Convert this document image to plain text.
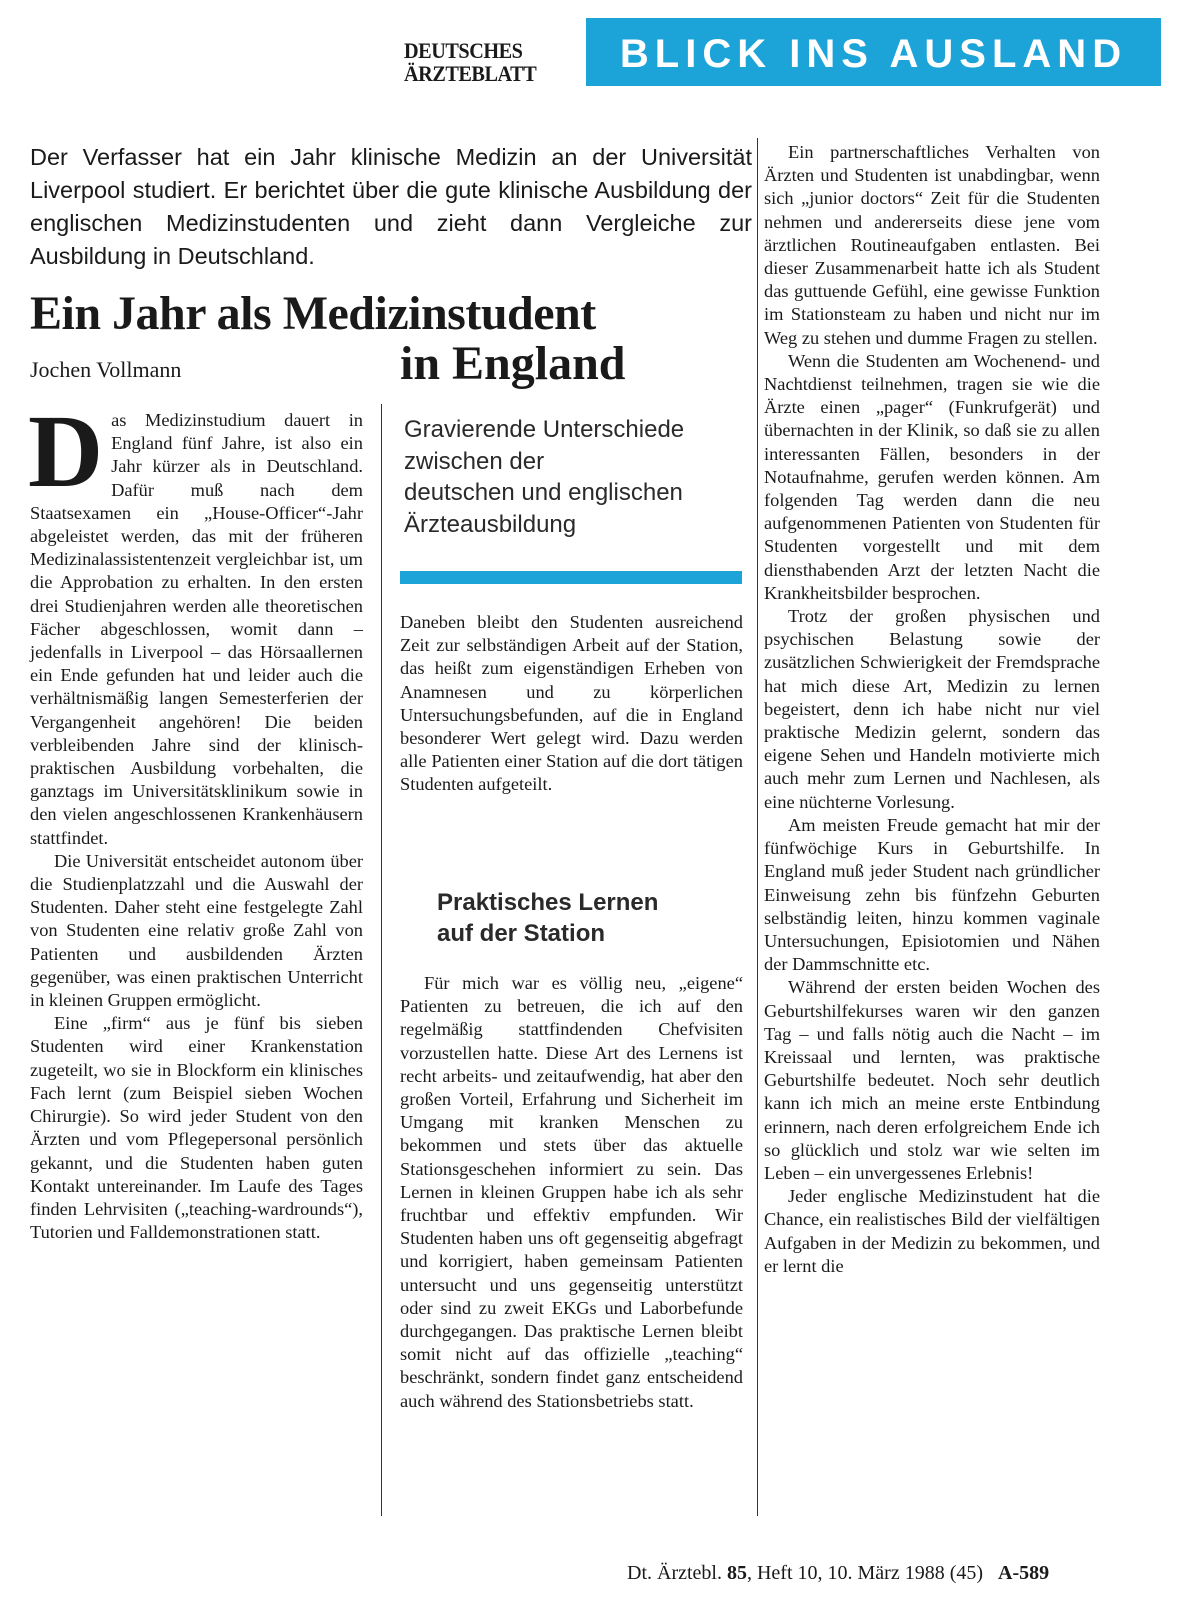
DEUTSCHES
ÄRZTEBLATT	BLICK INS AUSLAND
Der Verfasser hat ein Jahr klinische Medizin an der Universität Liverpool studiert. Er berichtet über die gute klinische Ausbildung der englischen Medizinstudenten und zieht dann Vergleiche zur Ausbildung in Deutschland.
Ein Jahr als Medizinstudent
in England
Jochen Vollmann
Gravierende Unterschiede
zwischen der
deutschen und englischen
Ärzteausbildung

Das Medizinstudium dauert in England fünf Jahre, ist also ein Jahr kürzer als in Deutschland. Dafür muß nach dem Staatsexamen ein „House-Officer“-Jahr abgeleistet werden, das mit der früheren Medizinalassistentenzeit vergleichbar ist, um die Approbation zu erhalten. In den ersten drei Studienjahren werden alle theoretischen Fächer abgeschlossen, womit dann – jedenfalls in Liverpool – das Hörsaallernen ein Ende gefunden hat und leider auch die verhältnismäßig langen Semesterferien der Vergangenheit angehören! Die beiden verbleibenden Jahre sind der klinisch-praktischen Ausbildung vorbehalten, die ganztags im Universitätsklinikum sowie in den vielen angeschlossenen Krankenhäusern stattfindet.

Die Universität entscheidet autonom über die Studienplatzzahl und die Auswahl der Studenten. Daher steht eine festgelegte Zahl von Studenten eine relativ große Zahl von Patienten und ausbildenden Ärzten gegenüber, was einen praktischen Unterricht in kleinen Gruppen ermöglicht.

Eine „firm“ aus je fünf bis sieben Studenten wird einer Krankenstation zugeteilt, wo sie in Blockform ein klinisches Fach lernt (zum Beispiel sieben Wochen Chirurgie). So wird jeder Student von den Ärzten und vom Pflegepersonal persönlich gekannt, und die Studenten haben guten Kontakt untereinander. Im Laufe des Tages finden Lehrvisiten („teaching-wardrounds“), Tutorien und Falldemonstrationen statt.

Daneben bleibt den Studenten ausreichend Zeit zur selbständigen Arbeit auf der Station, das heißt zum eigenständigen Erheben von Anamnesen und zu körperlichen Untersuchungsbefunden, auf die in England besonderer Wert gelegt wird. Dazu werden alle Patienten einer Station auf die dort tätigen Studenten aufgeteilt.

Praktisches Lernen
auf der Station

Für mich war es völlig neu, „eigene“ Patienten zu betreuen, die ich auf den regelmäßig stattfindenden Chefvisiten vorzustellen hatte. Diese Art des Lernens ist recht arbeits- und zeitaufwendig, hat aber den großen Vorteil, Erfahrung und Sicherheit im Umgang mit kranken Menschen zu bekommen und stets über das aktuelle Stationsgeschehen informiert zu sein. Das Lernen in kleinen Gruppen habe ich als sehr fruchtbar und effektiv empfunden. Wir Studenten haben uns oft gegenseitig abgefragt und korrigiert, haben gemeinsam Patienten untersucht und uns gegenseitig unterstützt oder sind zu zweit EKGs und Laborbefunde durchgegangen. Das praktische Lernen bleibt somit nicht auf das offizielle „teaching“ beschränkt, sondern findet ganz entscheidend auch während des Stationsbetriebs statt.

Ein partnerschaftliches Verhalten von Ärzten und Studenten ist unabdingbar, wenn sich „junior doctors“ Zeit für die Studenten nehmen und andererseits diese jene vom ärztlichen Routineaufgaben entlasten. Bei dieser Zusammenarbeit hatte ich als Student das guttuende Gefühl, eine gewisse Funktion im Stationsteam zu haben und nicht nur im Weg zu stehen und dumme Fragen zu stellen.

Wenn die Studenten am Wochenend- und Nachtdienst teilnehmen, tragen sie wie die Ärzte einen „pager“ (Funkrufgerät) und übernachten in der Klinik, so daß sie zu allen interessanten Fällen, besonders in der Notaufnahme, gerufen werden können. Am folgenden Tag werden dann die neu aufgenommenen Patienten von Studenten für Studenten vorgestellt und mit dem diensthabenden Arzt der letzten Nacht die Krankheitsbilder besprochen.

Trotz der großen physischen und psychischen Belastung sowie der zusätzlichen Schwierigkeit der Fremdsprache hat mich diese Art, Medizin zu lernen begeistert, denn ich habe nicht nur viel praktische Medizin gelernt, sondern das eigene Sehen und Handeln motivierte mich auch mehr zum Lernen und Nachlesen, als eine nüchterne Vorlesung.

Am meisten Freude gemacht hat mir der fünfwöchige Kurs in Geburtshilfe. In England muß jeder Student nach gründlicher Einweisung zehn bis fünfzehn Geburten selbständig leiten, hinzu kommen vaginale Untersuchungen, Episiotomien und Nähen der Dammschnitte etc.

Während der ersten beiden Wochen des Geburtshilfekurses waren wir den ganzen Tag – und falls nötig auch die Nacht – im Kreissaal und lernten, was praktische Geburtshilfe bedeutet. Noch sehr deutlich kann ich mich an meine erste Entbindung erinnern, nach deren erfolgreichem Ende ich so glücklich und stolz war wie selten im Leben – ein unvergessenes Erlebnis!

Jeder englische Medizinstudent hat die Chance, ein realistisches Bild der vielfältigen Aufgaben in der Medizin zu bekommen, und er lernt die

Dt. Ärztebl. 85, Heft 10, 10. März 1988 (45) A-589
